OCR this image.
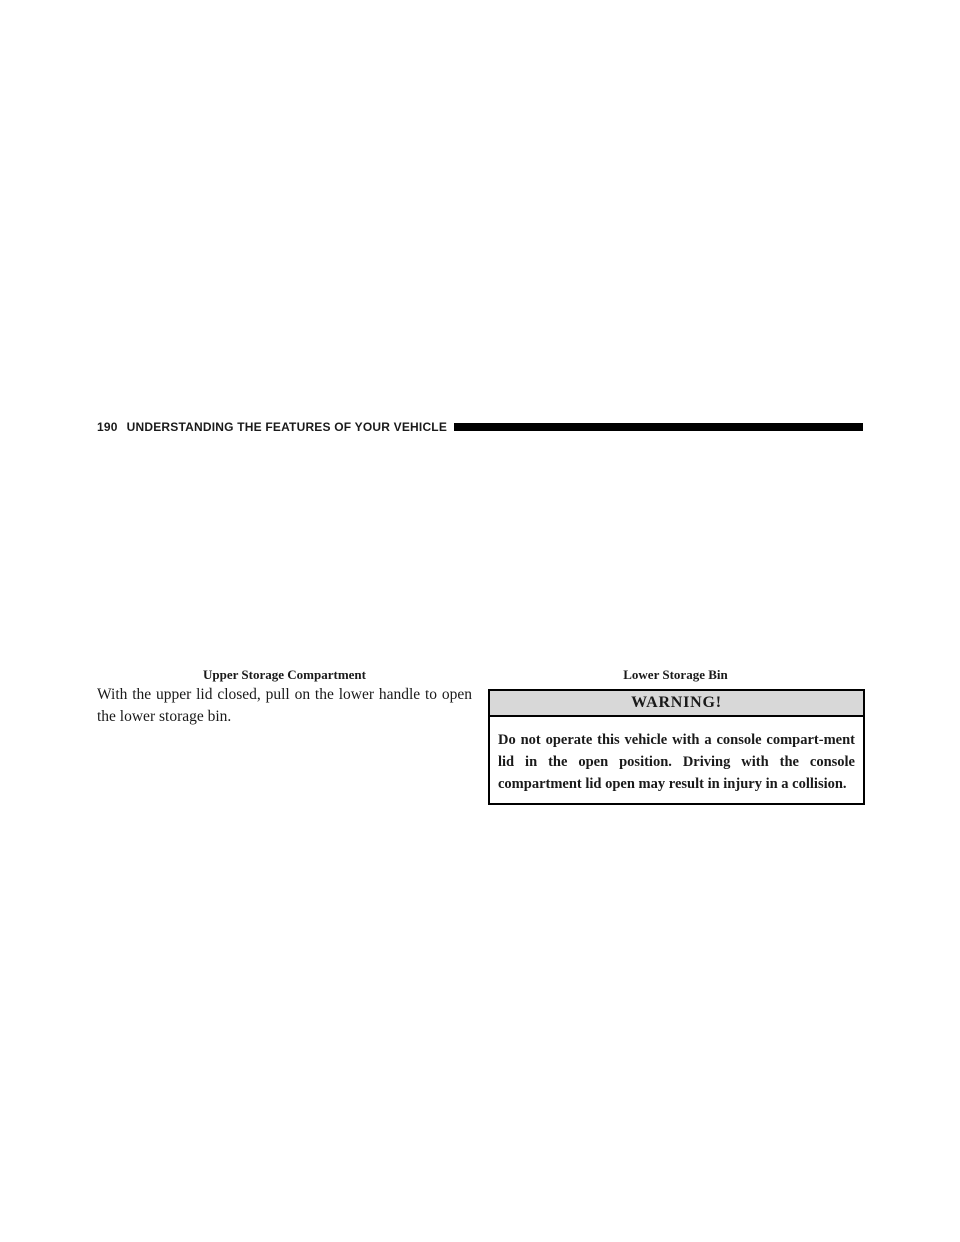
190 UNDERSTANDING THE FEATURES OF YOUR VEHICLE
Upper Storage Compartment	Lower Storage Bin

With the upper lid closed, pull on the lower handle to open the lower storage bin.

WARNING!

Do not operate this vehicle with a console compart-ment lid in the open position. Driving with the console compartment lid open may result in injury in a collision.
